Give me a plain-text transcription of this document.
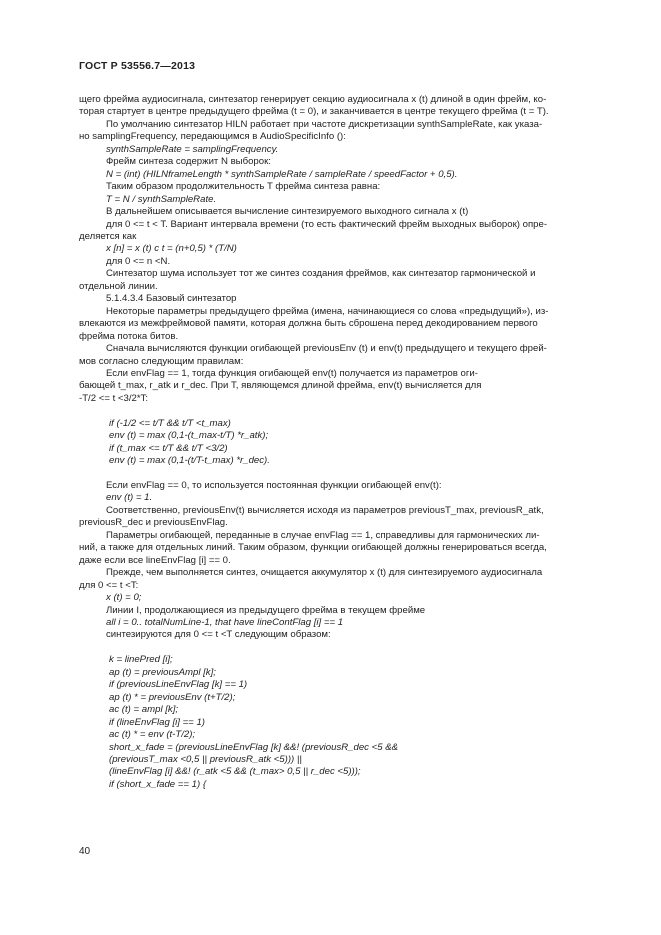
ГОСТ Р 53556.7—2013

щего фрейма аудиосигнала, синтезатор генерирует секцию аудиосигнала x (t) длиной в один фрейм, ко-

торая стартует в центре предыдущего фрейма (t = 0), и заканчивается в центре текущего фрейма (t = T).

По умолчанию синтезатор HILN работает при частоте дискретизации synthSampleRate, как указа-

но samplingFrequency, передающимся в AudioSpecificInfo ():

synthSampleRate = samplingFrequency.

Фрейм синтеза содержит N выборок:

N = (int) (HILNframeLength * synthSampleRate / sampleRate / speedFactor + 0,5).

Таким образом продолжительность T фрейма синтеза равна:

T = N / synthSampleRate.

В дальнейшем описывается вычисление синтезируемого выходного сигнала x (t)

для 0 <= t < T. Вариант интервала времени (то есть фактический фрейм выходных выборок) опре-

деляется как

x [n] = x (t) c t = (n+0,5) * (T/N)

для 0 <= n <N.

Синтезатор шума использует тот же синтез создания фреймов, как синтезатор гармонической и

отдельной линии.

5.1.4.3.4 Базовый синтезатор

Некоторые параметры предыдущего фрейма (имена, начинающиеся со слова «предыдущий»), из-

влекаются из межфреймовой памяти, которая должна быть сброшена перед декодированием первого

фрейма потока битов.

Сначала вычисляются функции огибающей previousEnv (t) и env(t) предыдущего и текущего фрей-

мов согласно следующим правилам:

Если envFlag == 1, тогда функция огибающей env(t) получается из параметров оги-

бающей t_max, r_atk и r_dec. При T, являющемся длиной фрейма, env(t) вычисляется для

-T/2 <= t <3/2*T:

if (-1/2 <= t/T && t/T <t_max)

env (t) = max (0,1-(t_max-t/T) *r_atk);

if (t_max <= t/T && t/T <3/2)

env (t) = max (0,1-(t/T-t_max) *r_dec).

Если envFlag == 0, то используется постоянная функции огибающей env(t):

env (t) = 1.

Соответственно, previousEnv(t) вычисляется исходя из параметров previousT_max, previousR_atk,

previousR_dec и previousEnvFlag.

Параметры огибающей, переданные в случае envFlag == 1, справедливы для гармонических ли-

ний, а также для отдельных линий. Таким образом, функции огибающей должны генерироваться всегда,

даже если все lineEnvFlag [i] == 0.

Прежде, чем выполняется синтез, очищается аккумулятор x (t) для синтезируемого аудиосигнала

для 0 <= t <T:

x (t) = 0;

Линии I, продолжающиеся из предыдущего фрейма в текущем фрейме

all i = 0.. totalNumLine-1, that have lineContFlag [i] == 1

синтезируются для 0 <= t <T следующим образом:

k = linePred [i];

ap (t) = previousAmpl [k];

if (previousLineEnvFlag [k] == 1)

ap (t) * = previousEnv (t+T/2);

ac (t) = ampl [k];

if (lineEnvFlag [i] == 1)

ac (t) * = env (t-T/2);

short_x_fade = (previousLineEnvFlag [k] &&! (previousR_dec <5 &&

(previousT_max <0,5 || previousR_atk <5))) ||

(lineEnvFlag [i] &&! (r_atk <5 && (t_max> 0,5 || r_dec <5)));

if (short_x_fade == 1) {

40
